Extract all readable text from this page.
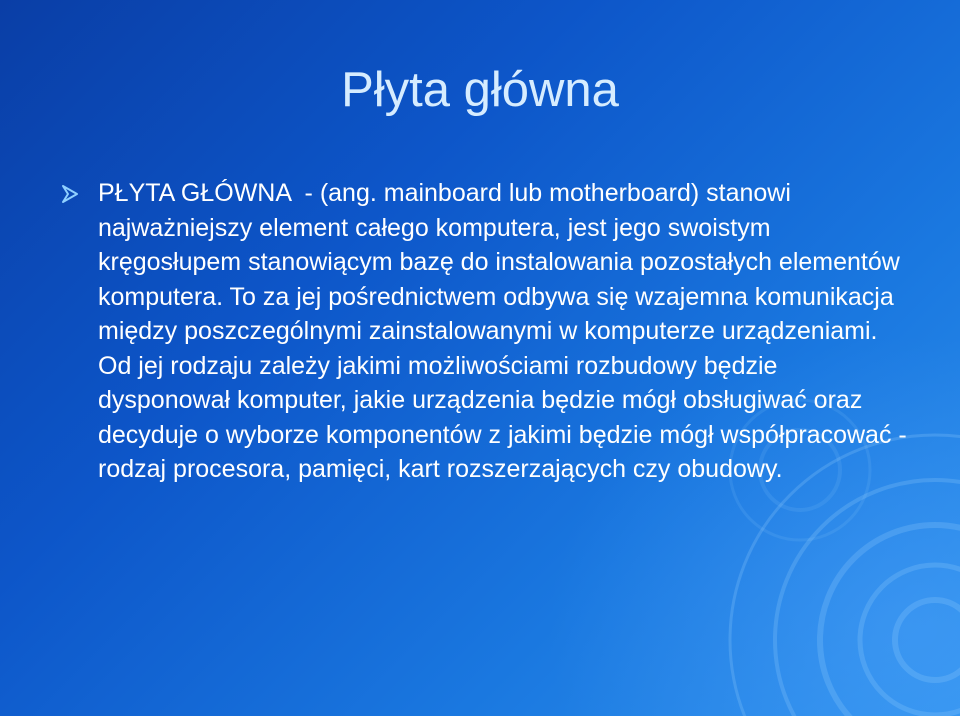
Płyta główna

PŁYTA GŁÓWNA  - (ang. mainboard lub motherboard) stanowi najważniejszy element całego komputera, jest jego swoistym kręgosłupem stanowiącym bazę do instalowania pozostałych elementów komputera. To za jej pośrednictwem odbywa się wzajemna komunikacja między poszczególnymi zainstalowanymi w komputerze urządzeniami. Od jej rodzaju zależy jakimi możliwościami rozbudowy będzie dysponował komputer, jakie urządzenia będzie mógł obsługiwać oraz decyduje o wyborze komponentów z jakimi będzie mógł współpracować - rodzaj procesora, pamięci, kart rozszerzających czy obudowy.
